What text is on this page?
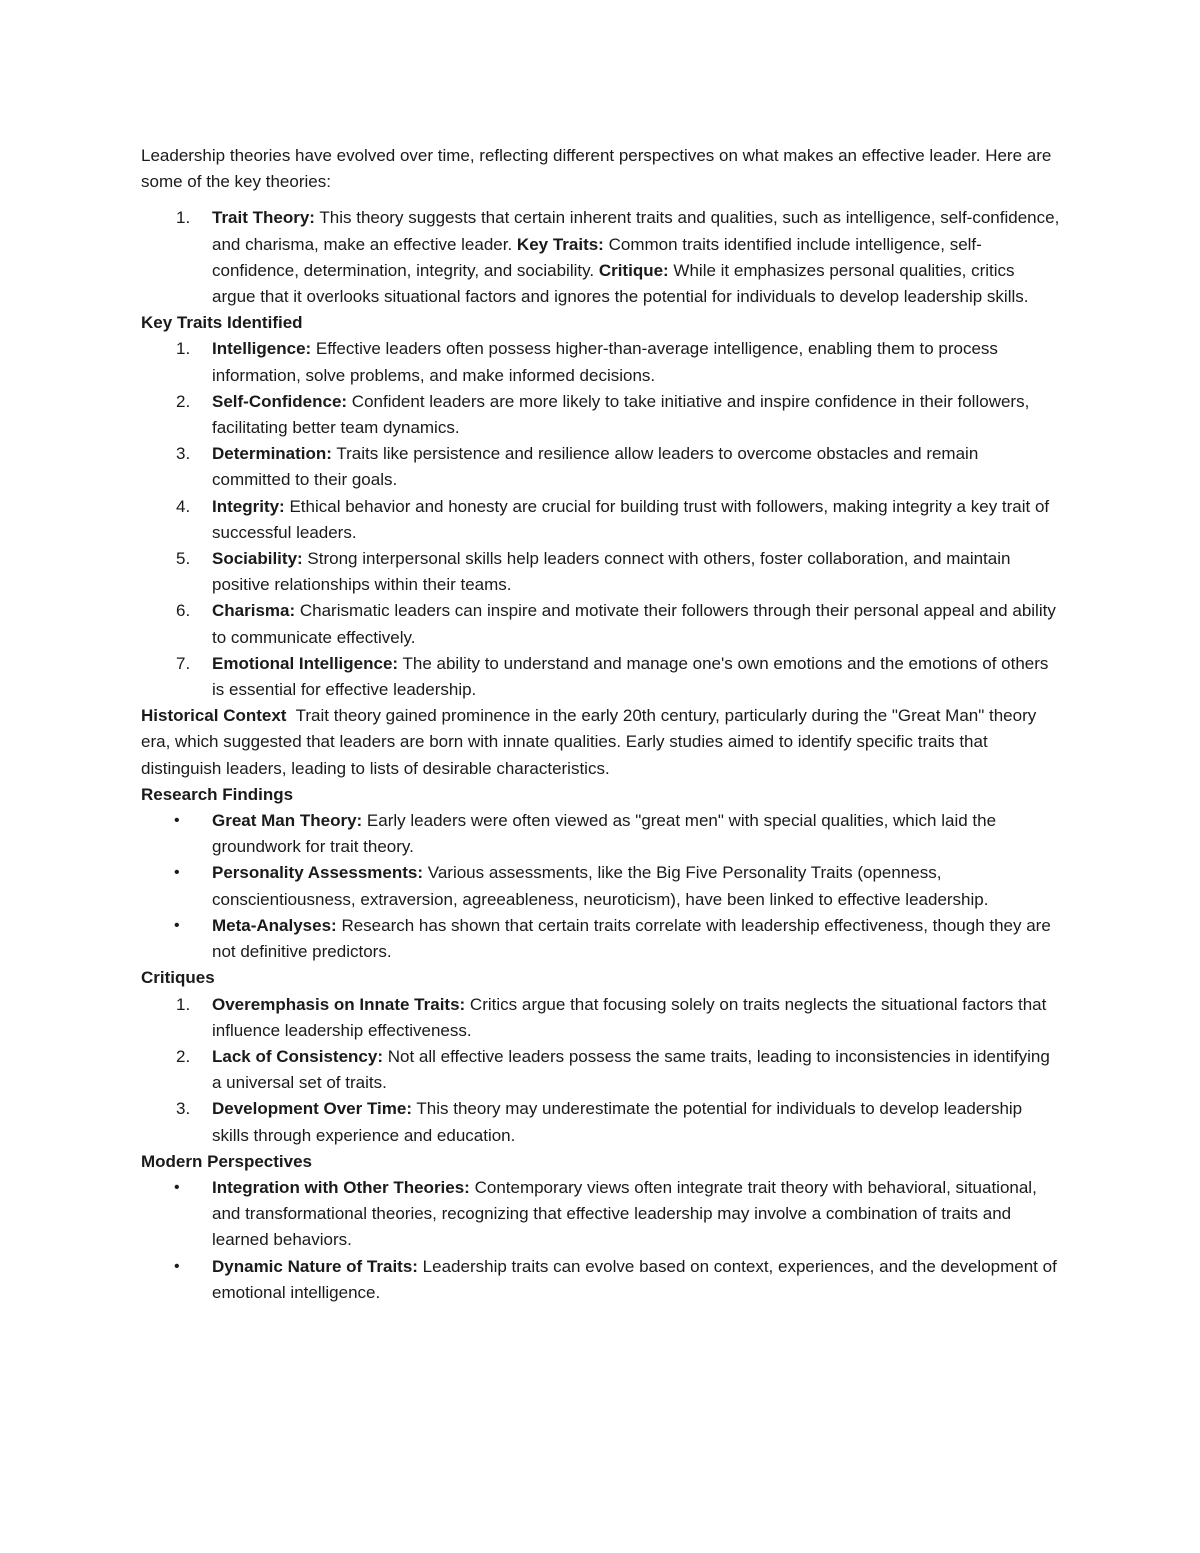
Leadership theories have evolved over time, reflecting different perspectives on what makes an effective leader. Here are some of the key theories:

1.	Trait Theory: This theory suggests that certain inherent traits and qualities, such as intelligence, self-confidence, and charisma, make an effective leader. Key Traits: Common traits identified include intelligence, self-confidence, determination, integrity, and sociability. Critique: While it emphasizes personal qualities, critics argue that it overlooks situational factors and ignores the potential for individuals to develop leadership skills.
Key Traits Identified
1.	Intelligence: Effective leaders often possess higher-than-average intelligence, enabling them to process information, solve problems, and make informed decisions.
2.	Self-Confidence: Confident leaders are more likely to take initiative and inspire confidence in their followers, facilitating better team dynamics.
3.	Determination: Traits like persistence and resilience allow leaders to overcome obstacles and remain committed to their goals.
4.	Integrity: Ethical behavior and honesty are crucial for building trust with followers, making integrity a key trait of successful leaders.
5.	Sociability: Strong interpersonal skills help leaders connect with others, foster collaboration, and maintain positive relationships within their teams.
6.	Charisma: Charismatic leaders can inspire and motivate their followers through their personal appeal and ability to communicate effectively.
7.	Emotional Intelligence: The ability to understand and manage one's own emotions and the emotions of others is essential for effective leadership.
Historical Context  Trait theory gained prominence in the early 20th century, particularly during the "Great Man" theory era, which suggested that leaders are born with innate qualities. Early studies aimed to identify specific traits that distinguish leaders, leading to lists of desirable characteristics.
Research Findings
• Great Man Theory: Early leaders were often viewed as "great men" with special qualities, which laid the groundwork for trait theory.
• Personality Assessments: Various assessments, like the Big Five Personality Traits (openness, conscientiousness, extraversion, agreeableness, neuroticism), have been linked to effective leadership.
• Meta-Analyses: Research has shown that certain traits correlate with leadership effectiveness, though they are not definitive predictors.
Critiques
1.	Overemphasis on Innate Traits: Critics argue that focusing solely on traits neglects the situational factors that influence leadership effectiveness.
2.	Lack of Consistency: Not all effective leaders possess the same traits, leading to inconsistencies in identifying a universal set of traits.
3.	Development Over Time: This theory may underestimate the potential for individuals to develop leadership skills through experience and education.
Modern Perspectives
• Integration with Other Theories: Contemporary views often integrate trait theory with behavioral, situational, and transformational theories, recognizing that effective leadership may involve a combination of traits and learned behaviors.
• Dynamic Nature of Traits: Leadership traits can evolve based on context, experiences, and the development of emotional intelligence.
